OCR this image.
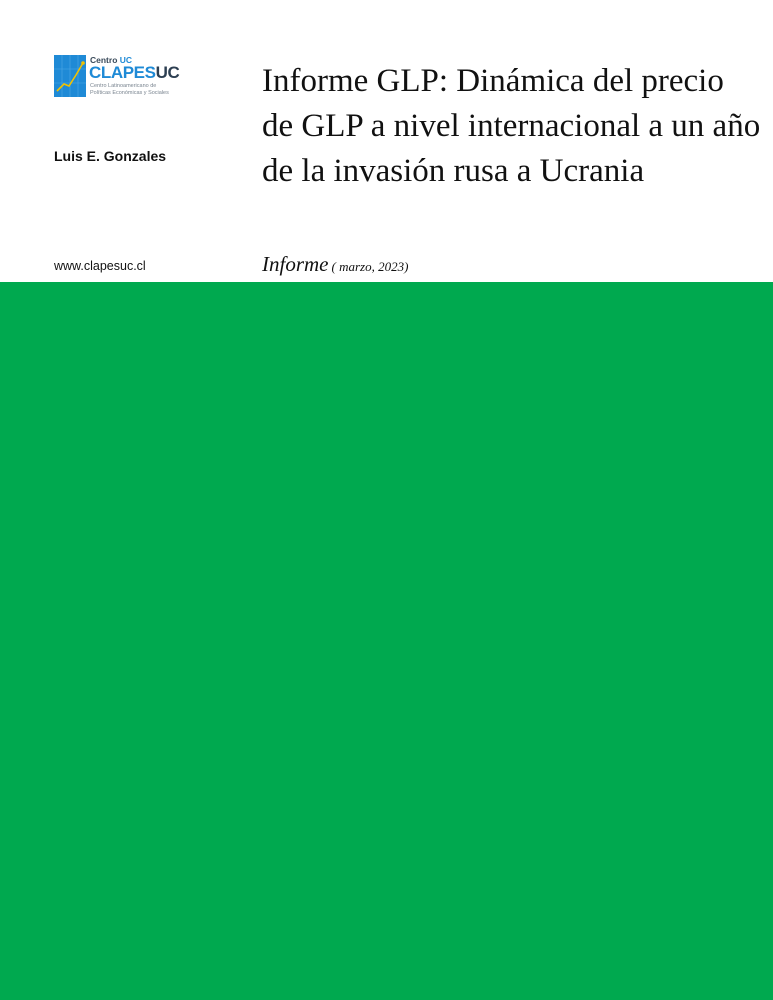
Centro UC
CLAPESUC
Centro Latinoamericano de
Políticas Económicas y Sociales
Luis E. Gonzales
www.clapesuc.cl
Informe GLP: Dinámica del precio de GLP a nivel internacional a un año de la invasión rusa a Ucrania
Informe ( marzo, 2023)
